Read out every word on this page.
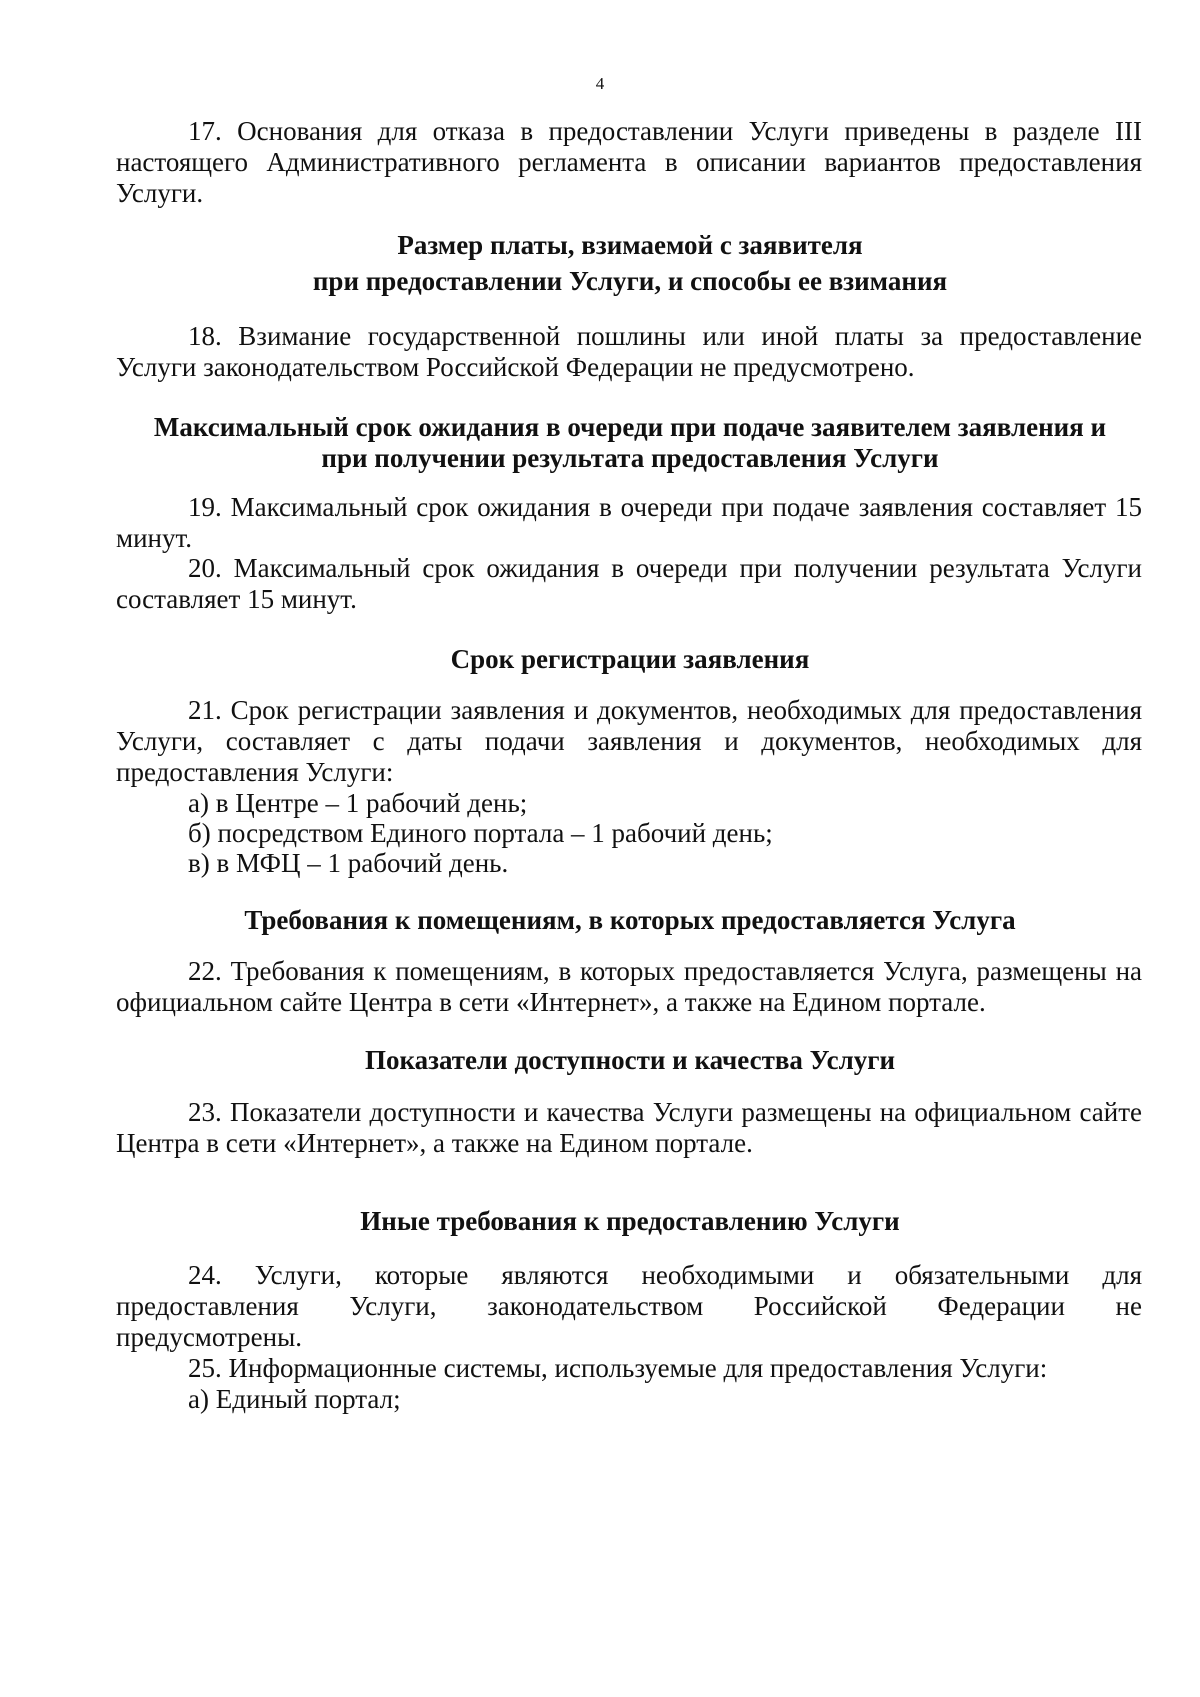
4
17. Основания для отказа в предоставлении Услуги приведены в разделе III настоящего Административного регламента в описании вариантов предоставления Услуги.
Размер платы, взимаемой с заявителя
при предоставлении Услуги, и способы ее взимания
18. Взимание государственной пошлины или иной платы за предоставление Услуги законодательством Российской Федерации не предусмотрено.
Максимальный срок ожидания в очереди при подаче заявителем заявления и
при получении результата предоставления Услуги
19. Максимальный срок ожидания в очереди при подаче заявления составляет 15 минут.
20. Максимальный срок ожидания в очереди при получении результата Услуги составляет 15 минут.
Срок регистрации заявления
21. Срок регистрации заявления и документов, необходимых для предоставления Услуги, составляет с даты подачи заявления и документов, необходимых для предоставления Услуги:
а) в Центре – 1 рабочий день;
б) посредством Единого портала – 1 рабочий день;
в) в МФЦ – 1 рабочий день.
Требования к помещениям, в которых предоставляется Услуга
22. Требования к помещениям, в которых предоставляется Услуга, размещены на официальном сайте Центра в сети «Интернет», а также на Едином портале.
Показатели доступности и качества Услуги
23. Показатели доступности и качества Услуги размещены на официальном сайте Центра в сети «Интернет», а также на Едином портале.
Иные требования к предоставлению Услуги
24. Услуги, которые являются необходимыми и обязательными для
предоставления Услуги, законодательством Российской Федерации не
предусмотрены.
25. Информационные системы, используемые для предоставления Услуги:
а) Единый портал;
